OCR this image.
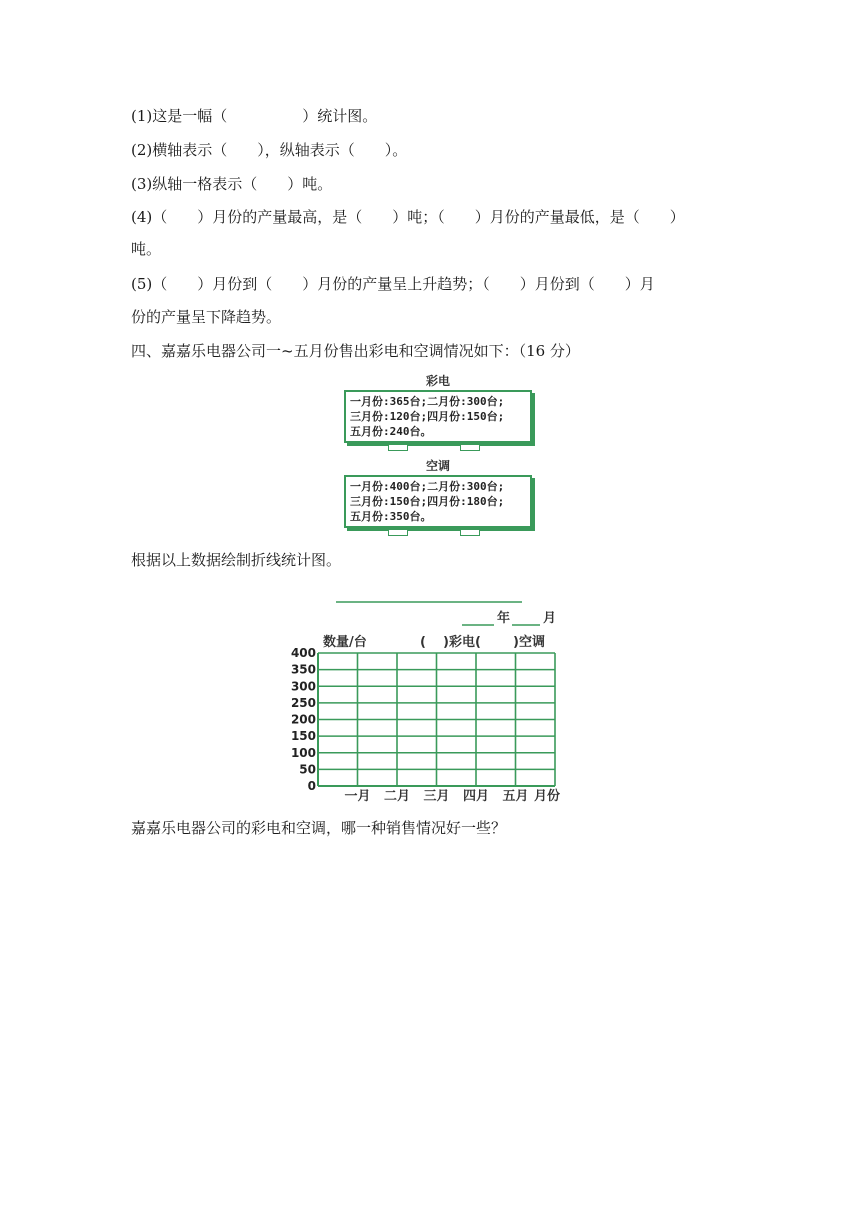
(1)这是一幅（　　　　　）统计图。
(2)横轴表示（　　），纵轴表示（　　）。
(3)纵轴一格表示（　　）吨。
(4)（　　）月份的产量最高，是（　　）吨；（　　）月份的产量最低，是（　　）
吨。
(5)（　　）月份到（　　）月份的产量呈上升趋势；（　　）月份到（　　）月
份的产量呈下降趋势。
四、嘉嘉乐电器公司一~五月份售出彩电和空调情况如下：（16 分）
彩电
一月份:365台;二月份:300台;
三月份:120台;四月份:150台;
五月份:240台。
空调
一月份:400台;二月份:300台;
三月份:150台;四月份:180台;
五月份:350台。
根据以上数据绘制折线统计图。
年	月
数量/台	( )彩电( )空调
0
50
100
150
200
250
300
350
400
一月 二月 三月 四月 五月 月份
嘉嘉乐电器公司的彩电和空调，哪一种销售情况好一些？
